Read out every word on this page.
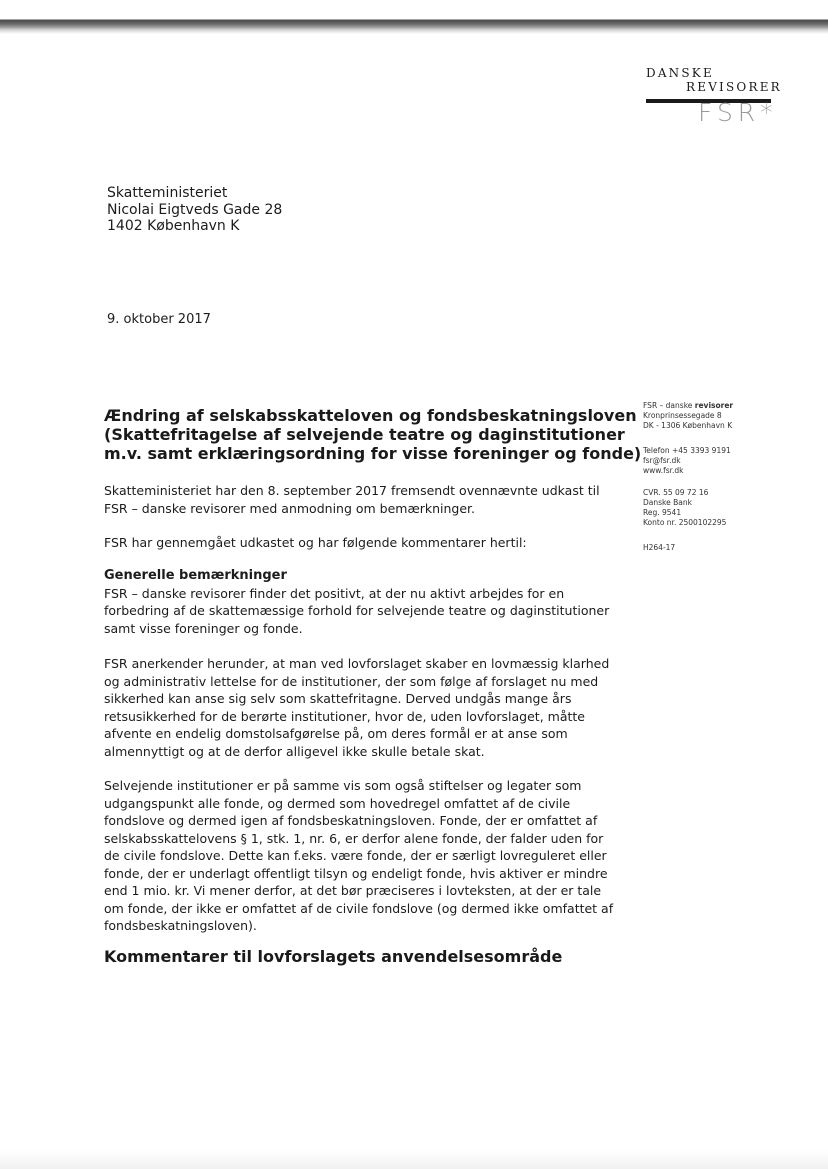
DANSKE
REVISORER
FSR*
Skatteministeriet
Nicolai Eigtveds Gade 28
1402 København K
9. oktober 2017
Ændring af selskabsskatteloven og fondsbeskatningsloven
(Skattefritagelse af selvejende teatre og daginstitutioner
m.v. samt erklæringsordning for visse foreninger og fonde)
Skatteministeriet har den 8. september 2017 fremsendt ovennævnte udkast til
FSR – danske revisorer med anmodning om bemærkninger.
FSR har gennemgået udkastet og har følgende kommentarer hertil:
Generelle bemærkninger
FSR – danske revisorer finder det positivt, at der nu aktivt arbejdes for en
forbedring af de skattemæssige forhold for selvejende teatre og daginstitutioner
samt visse foreninger og fonde.
FSR anerkender herunder, at man ved lovforslaget skaber en lovmæssig klarhed
og administrativ lettelse for de institutioner, der som følge af forslaget nu med
sikkerhed kan anse sig selv som skattefritagne. Derved undgås mange års
retsusikkerhed for de berørte institutioner, hvor de, uden lovforslaget, måtte
afvente en endelig domstolsafgørelse på, om deres formål er at anse som
almennyttigt og at de derfor alligevel ikke skulle betale skat.
Selvejende institutioner er på samme vis som også stiftelser og legater som
udgangspunkt alle fonde, og dermed som hovedregel omfattet af de civile
fondslove og dermed igen af fondsbeskatningsloven. Fonde, der er omfattet af
selskabsskattelovens § 1, stk. 1, nr. 6, er derfor alene fonde, der falder uden for
de civile fondslove. Dette kan f.eks. være fonde, der er særligt lovreguleret eller
fonde, der er underlagt offentligt tilsyn og endeligt fonde, hvis aktiver er mindre
end 1 mio. kr. Vi mener derfor, at det bør præciseres i lovteksten, at der er tale
om fonde, der ikke er omfattet af de civile fondslove (og dermed ikke omfattet af
fondsbeskatningsloven).
Kommentarer til lovforslagets anvendelsesområde
FSR – danske revisorer
Kronprinsessegade 8
DK - 1306 København K
Telefon +45 3393 9191
fsr@fsr.dk
www.fsr.dk
CVR. 55 09 72 16
Danske Bank
Reg. 9541
Konto nr. 2500102295
H264-17
